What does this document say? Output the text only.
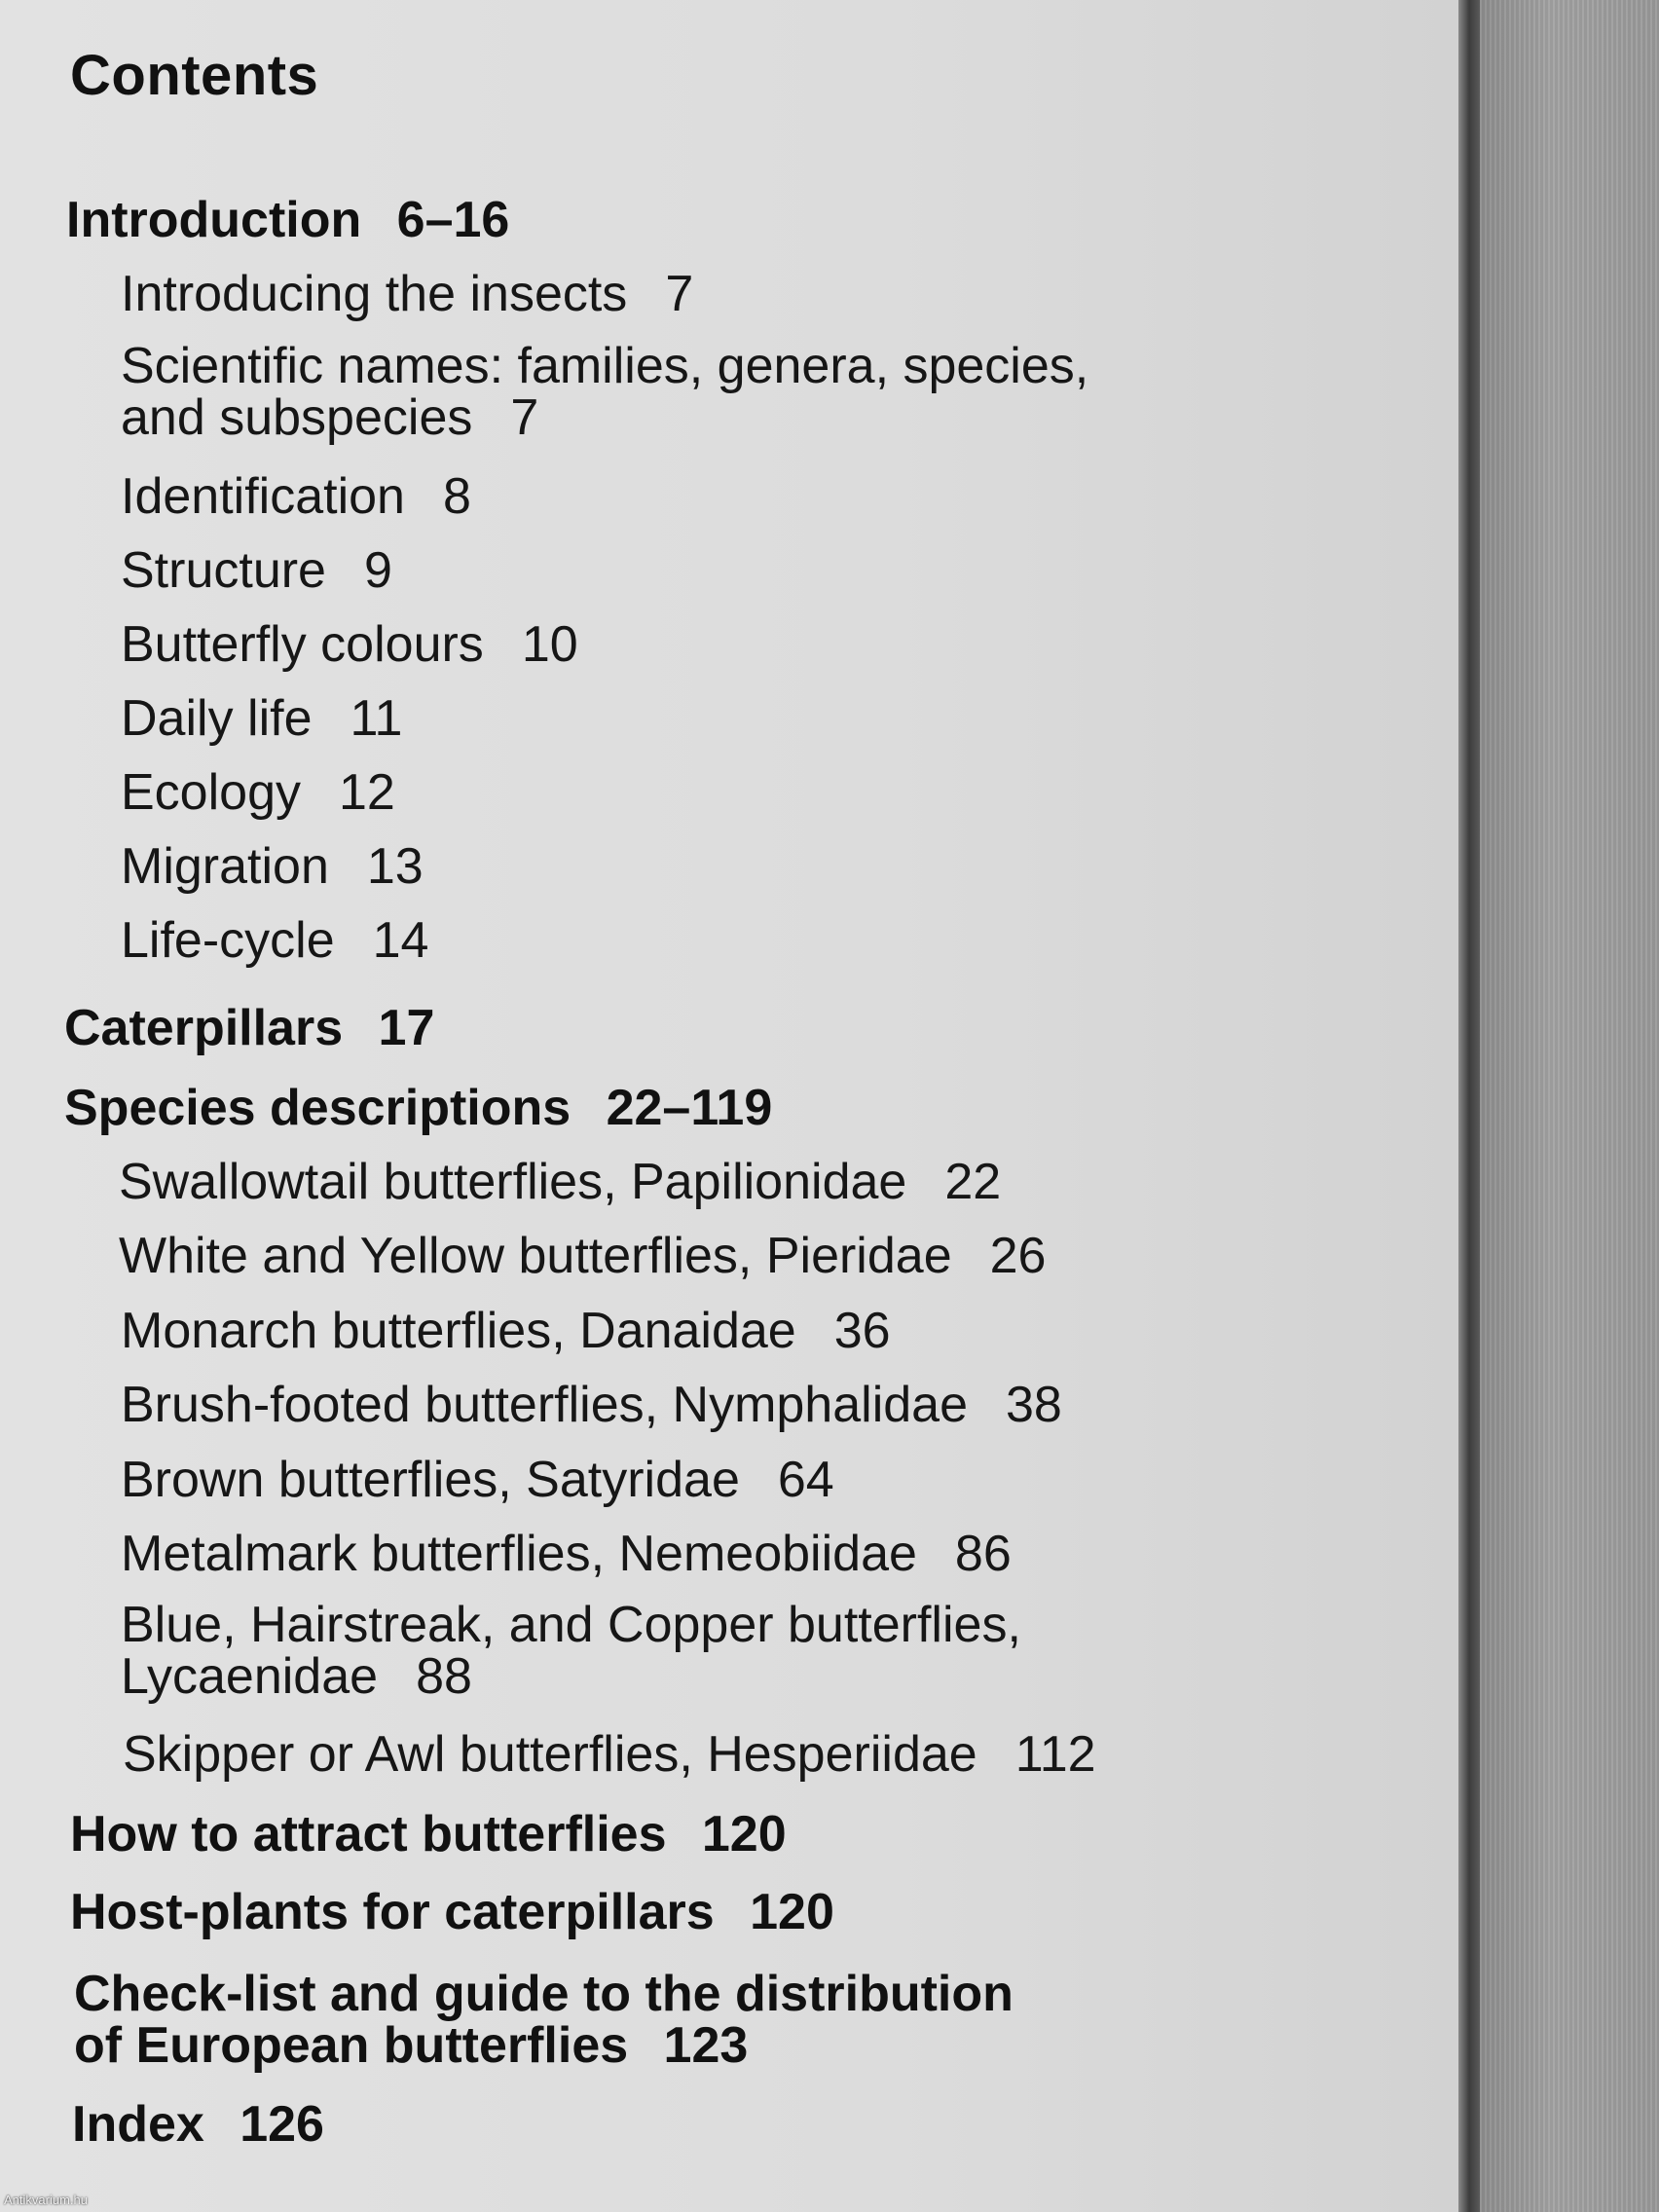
Contents
Introduction 6–16
Introducing the insects 7
Scientific names: families, genera, species,
and subspecies 7
Identification 8
Structure 9
Butterfly colours 10
Daily life 11
Ecology 12
Migration 13
Life-cycle 14
Caterpillars 17
Species descriptions 22–119
Swallowtail butterflies, Papilionidae 22
White and Yellow butterflies, Pieridae 26
Monarch butterflies, Danaidae 36
Brush-footed butterflies, Nymphalidae 38
Brown butterflies, Satyridae 64
Metalmark butterflies, Nemeobiidae 86
Blue, Hairstreak, and Copper butterflies,
Lycaenidae 88
Skipper or Awl butterflies, Hesperiidae 112
How to attract butterflies 120
Host-plants for caterpillars 120
Check-list and guide to the distribution
of European butterflies 123
Index 126
Antikvarium.hu
